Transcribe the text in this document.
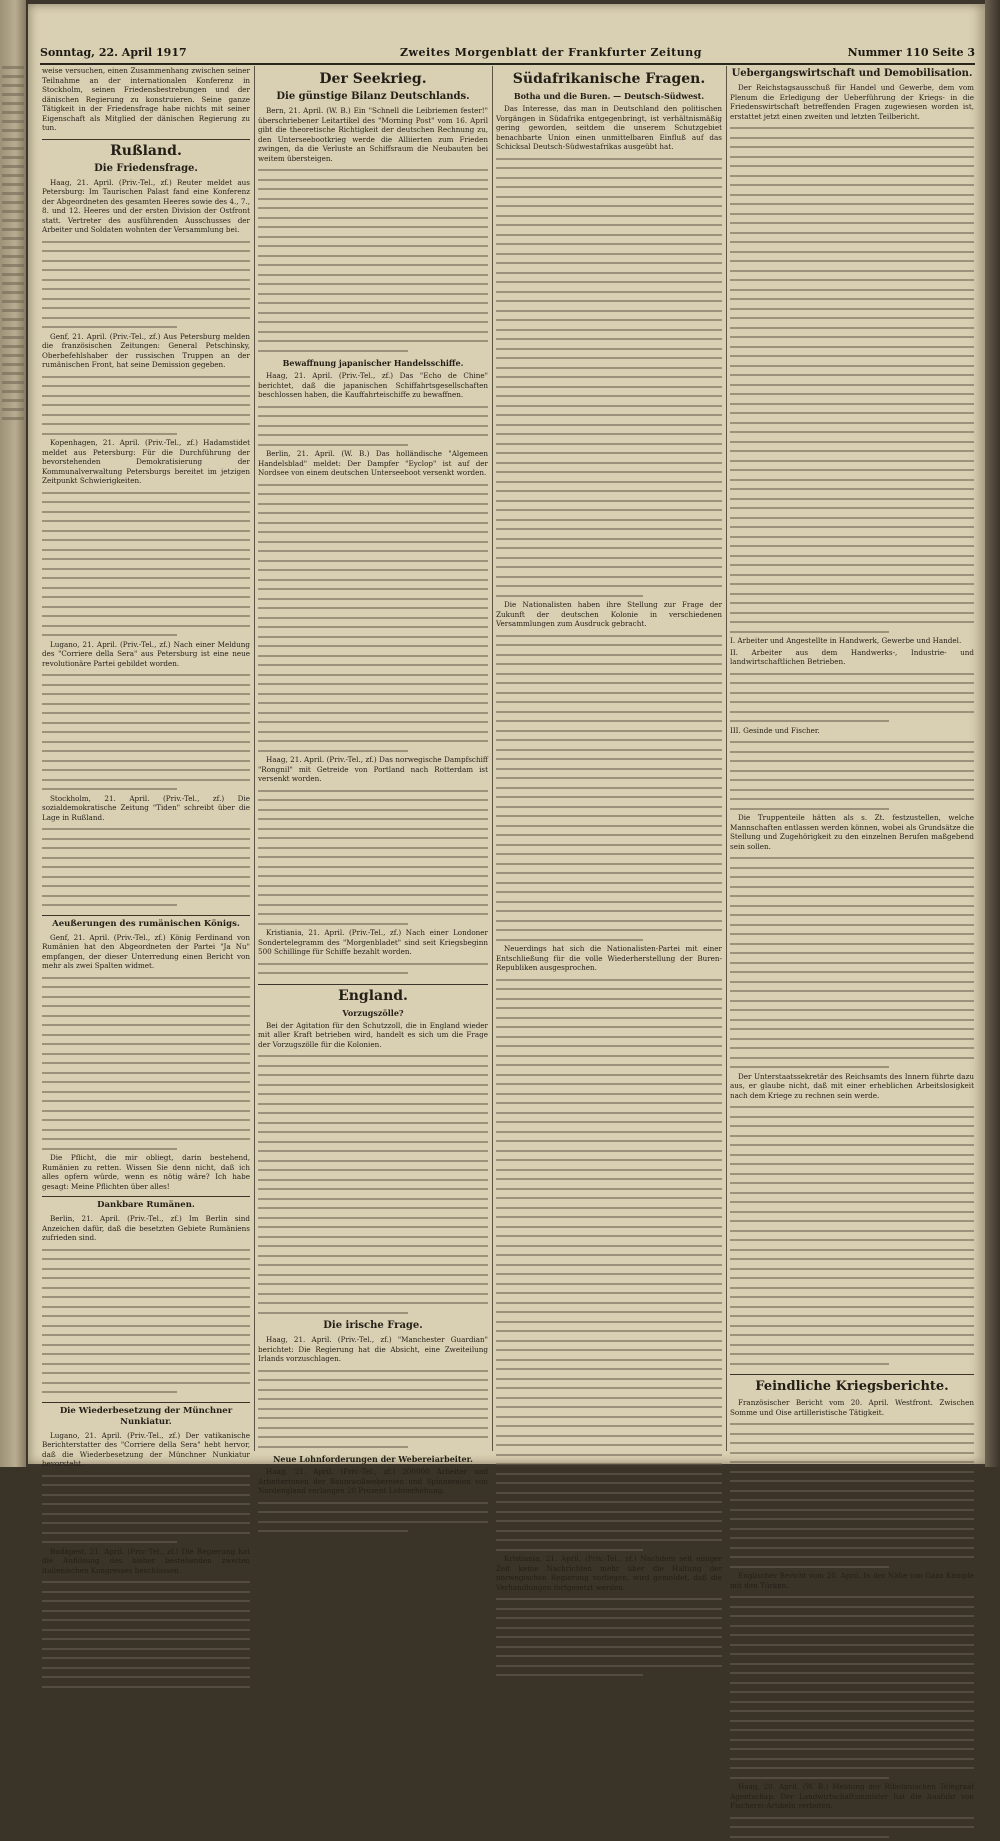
Sonntag, 22. April 1917	Zweites Morgenblatt der Frankfurter Zeitung	Nummer 110 Seite 3

weise versuchen, einen Zusammenhang zwischen seiner Teilnahme an der internationalen Konferenz in Stockholm, seinen Friedensbestrebungen und der dänischen Regierung zu konstruieren. Seine ganze Tätigkeit in der Friedensfrage habe nichts mit seiner Eigenschaft als Mitglied der dänischen Regierung zu tun.

Rußland.
Die Friedensfrage.

Haag, 21. April. (Priv.-Tel., zf.) Reuter meldet aus Petersburg: Im Taurischen Palast fand eine Konferenz der Abgeordneten des gesamten Heeres sowie des 4., 7., 8. und 12. Heeres und der ersten Division der Ostfront statt. Vertreter des ausführenden Ausschusses der Arbeiter und Soldaten wohnten der Versammlung bei.

Genf, 21. April. (Priv.-Tel., zf.) Aus Petersburg melden die französischen Zeitungen: General Petschinsky, Oberbefehlshaber der russischen Truppen an der rumänischen Front, hat seine Demission gegeben.

Kopenhagen, 21. April. (Priv.-Tel., zf.) Hadamstidet meldet aus Petersburg: Für die Durchführung der bevorstehenden Demokratisierung der Kommunalverwaltung Petersburgs bereitet im jetzigen Zeitpunkt Schwierigkeiten.

Lugano, 21. April. (Priv.-Tel., zf.) Nach einer Meldung des "Corriere della Sera" aus Petersburg ist eine neue revolutionäre Partei gebildet worden.

Stockholm, 21. April. (Priv.-Tel., zf.) Die sozialdemokratische Zeitung "Tiden" schreibt über die Lage in Rußland.

Aeußerungen des rumänischen Königs.

Genf, 21. April. (Priv.-Tel., zf.) König Ferdinand von Rumänien hat den Abgeordneten der Partei "Ja Nu" empfangen, der dieser Unterredung einen Bericht von mehr als zwei Spalten widmet.

Die Pflicht, die mir obliegt, darin bestehend, Rumänien zu retten. Wissen Sie denn nicht, daß ich alles opfern würde, wenn es nötig wäre? Ich habe gesagt: Meine Pflichten über alles!

Dankbare Rumänen.

Berlin, 21. April. (Priv.-Tel., zf.) Im Berlin sind Anzeichen dafür, daß die besetzten Gebiete Rumäniens zufrieden sind.

Die Wiederbesetzung der Münchner Nunkiatur.

Lugano, 21. April. (Priv.-Tel., zf.) Der vatikanische Berichterstatter des "Corriere della Sera" hebt hervor, daß die Wiederbesetzung der Münchner Nunkiatur bevorsteht.

Budapest, 21. April. (Priv.-Tel., zf.) Die Regierung hat die Auflösung des bisher bestehenden zweiten italienischen Kongresses beschlossen.

Der Seekrieg.
Die günstige Bilanz Deutschlands.

Bern, 21. April. (W. B.) Ein "Schnell die Leibriemen fester!" überschriebener Leitartikel des "Morning Post" vom 16. April gibt die theoretische Richtigkeit der deutschen Rechnung zu, den Unterseebootkrieg werde die Alliierten zum Frieden zwingen, da die Verluste an Schiffsraum die Neubauten bei weitem übersteigen.

Bewaffnung japanischer Handelsschiffe.

Haag, 21. April. (Priv.-Tel., zf.) Das "Echo de Chine" berichtet, daß die japanischen Schiffahrtsgesellschaften beschlossen haben, die Kauffahrteischiffe zu bewaffnen.

Berlin, 21. April. (W. B.) Das holländische "Algemeen Handelsblad" meldet: Der Dampfer "Eyclop" ist auf der Nordsee von einem deutschen Unterseeboot versenkt worden.

Haag, 21. April. (Priv.-Tel., zf.) Das norwegische Dampfschiff "Rongnil" mit Getreide von Portland nach Rotterdam ist versenkt worden.

Kristiania, 21. April. (Priv.-Tel., zf.) Nach einer Londoner Sondertelegramm des "Morgenbladet" sind seit Kriegsbeginn 500 Schillinge für Schiffe bezahlt worden.

England.
Vorzugszölle?

Bei der Agitation für den Schutzzoll, die in England wieder mit aller Kraft betrieben wird, handelt es sich um die Frage der Vorzugszölle für die Kolonien.

Die irische Frage.

Haag, 21. April. (Priv.-Tel., zf.) "Manchester Guardian" berichtet: Die Regierung hat die Absicht, eine Zweiteilung Irlands vorzuschlagen.

Neue Lohnforderungen der Webereiarbeiter.

Haag, 21. April. (Priv.-Tel., zf.) 200000 Arbeiter und Arbeiterinnen der Baumwollwebereien und Spinnereien von Nordengland verlangen 20 Prozent Lohnerhöhung.

Südafrikanische Fragen.
Botha und die Buren. — Deutsch-Südwest.

Das Interesse, das man in Deutschland den politischen Vorgängen in Südafrika entgegenbringt, ist verhältnismäßig gering geworden, seitdem die unserem Schutzgebiet benachbarte Union einen unmittelbaren Einfluß auf das Schicksal Deutsch-Südwestafrikas ausgeübt hat.

Die Nationalisten haben ihre Stellung zur Frage der Zukunft der deutschen Kolonie in verschiedenen Versammlungen zum Ausdruck gebracht.

Neuerdings hat sich die Nationalisten-Partei mit einer Entschließung für die volle Wiederherstellung der Buren-Republiken ausgesprochen.

Kristiania, 21. April. (Priv.-Tel., zf.) Nachdem seit einiger Zeit keine Nachrichten mehr über die Haltung der norwegischen Regierung vorliegen, wird gemeldet, daß die Verhandlungen fortgesetzt werden.

Uebergangswirtschaft und Demobilisation.

Der Reichstagsausschuß für Handel und Gewerbe, dem vom Plenum die Erledigung der Ueberführung der Kriegs- in die Friedenswirtschaft betreffenden Fragen zugewiesen worden ist, erstattet jetzt einen zweiten und letzten Teilbericht.

I. Arbeiter und Angestellte in Handwerk, Gewerbe und Handel.

II. Arbeiter aus dem Handwerks-, Industrie- und landwirtschaftlichen Betrieben.

III. Gesinde und Fischer.

Die Truppenteile hätten als s. Zt. festzustellen, welche Mannschaften entlassen werden können, wobei als Grundsätze die Stellung und Zugehörigkeit zu den einzelnen Berufen maßgebend sein sollen.

Der Unterstaatssekretär des Reichsamts des Innern führte dazu aus, er glaube nicht, daß mit einer erheblichen Arbeitslosigkeit nach dem Kriege zu rechnen sein werde.

Feindliche Kriegsberichte.

Französischer Bericht vom 20. April. Westfront. Zwischen Somme und Oise artilleristische Tätigkeit.

Englischer Bericht vom 20. April. In der Nähe von Gaza Kämpfe mit den Türken.

Haag, 20. April. (W. B.) Meldung der Ribelanischen Telegraaf Agentschap: Der Landwirtschaftsminister hat die Ausfuhr von Fischerei-Artikeln verboten.
